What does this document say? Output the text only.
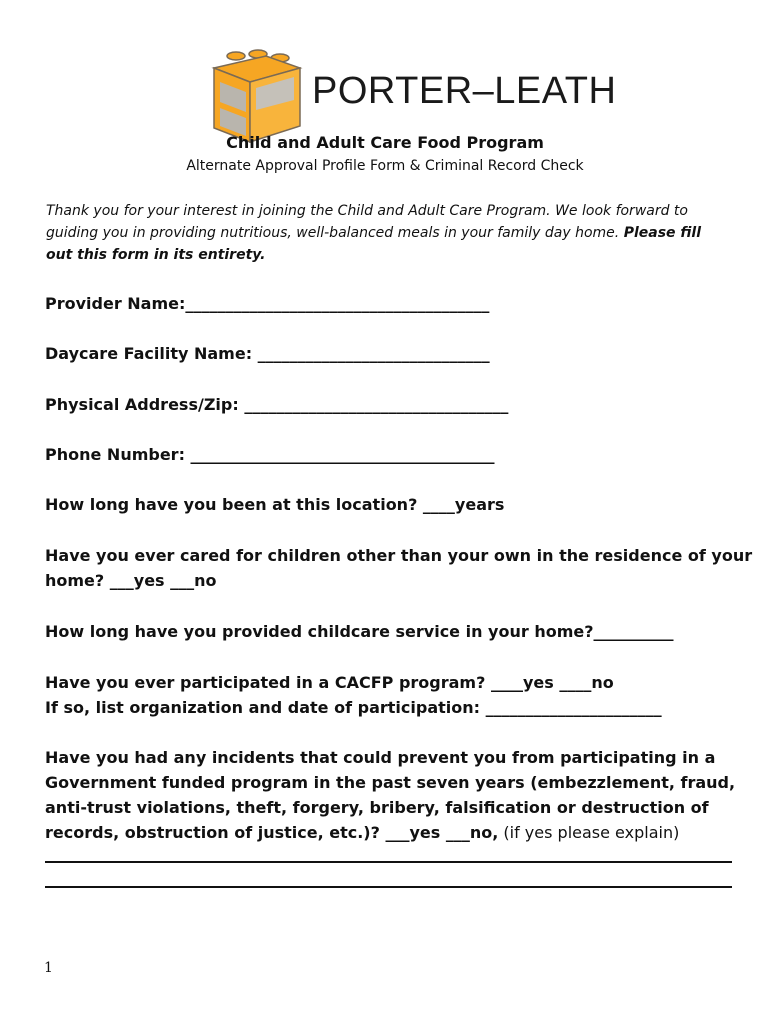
PORTER–LEATH
Child and Adult Care Food Program
Alternate Approval Profile Form & Criminal Record Check
Thank you for your interest in joining the Child and Adult Care Program. We look forward to guiding you in providing nutritious, well-balanced meals in your family day home. Please fill out this form in its entirety.
Provider Name:______________________________________
Daycare Facility Name: _____________________________
Physical Address/Zip: _________________________________
Phone Number: ______________________________________
How long have you been at this location? ____years
Have you ever cared for children other than your own in the residence of your
home? ___yes ___no
How long have you provided childcare service in your home?__________
Have you ever participated in a CACFP program? ____yes ____no
If so, list organization and date of participation: ______________________
Have you had any incidents that could prevent you from participating in a
Government funded program in the past seven years (embezzlement, fraud,
anti-trust violations, theft, forgery, bribery, falsification or destruction of
records, obstruction of justice, etc.)? ___yes ___no, (if yes please explain)
1
